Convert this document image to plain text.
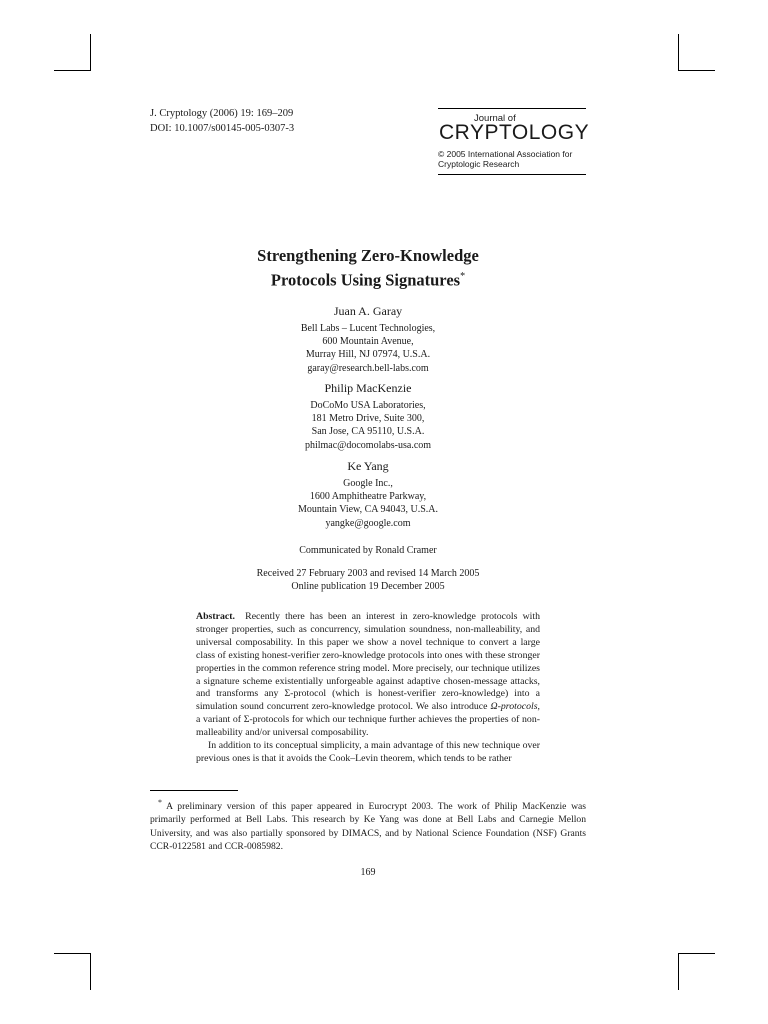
J. Cryptology (2006) 19: 169–209
DOI: 10.1007/s00145-005-0307-3
Journal of
CRYPTOLOGY
© 2005 International Association for
Cryptologic Research
Strengthening Zero-Knowledge
Protocols Using Signatures*
Juan A. Garay
Bell Labs – Lucent Technologies,
600 Mountain Avenue,
Murray Hill, NJ 07974, U.S.A.
garay@research.bell-labs.com
Philip MacKenzie
DoCoMo USA Laboratories,
181 Metro Drive, Suite 300,
San Jose, CA 95110, U.S.A.
philmac@docomolabs-usa.com
Ke Yang
Google Inc.,
1600 Amphitheatre Parkway,
Mountain View, CA 94043, U.S.A.
yangke@google.com
Communicated by Ronald Cramer
Received 27 February 2003 and revised 14 March 2005
Online publication 19 December 2005

Abstract. Recently there has been an interest in zero-knowledge protocols with stronger properties, such as concurrency, simulation soundness, non-malleability, and universal composability. In this paper we show a novel technique to convert a large class of existing honest-verifier zero-knowledge protocols into ones with these stronger properties in the common reference string model. More precisely, our technique utilizes a signature scheme existentially unforgeable against adaptive chosen-message attacks, and transforms any Σ-protocol (which is honest-verifier zero-knowledge) into a simulation sound concurrent zero-knowledge protocol. We also introduce Ω-protocols, a variant of Σ-protocols for which our technique further achieves the properties of non-malleability and/or universal composability.

In addition to its conceptual simplicity, a main advantage of this new technique over previous ones is that it avoids the Cook–Levin theorem, which tends to be rather

* A preliminary version of this paper appeared in Eurocrypt 2003. The work of Philip MacKenzie was primarily performed at Bell Labs. This research by Ke Yang was done at Bell Labs and Carnegie Mellon University, and was also partially sponsored by DIMACS, and by National Science Foundation (NSF) Grants CCR-0122581 and CCR-0085982.
169
